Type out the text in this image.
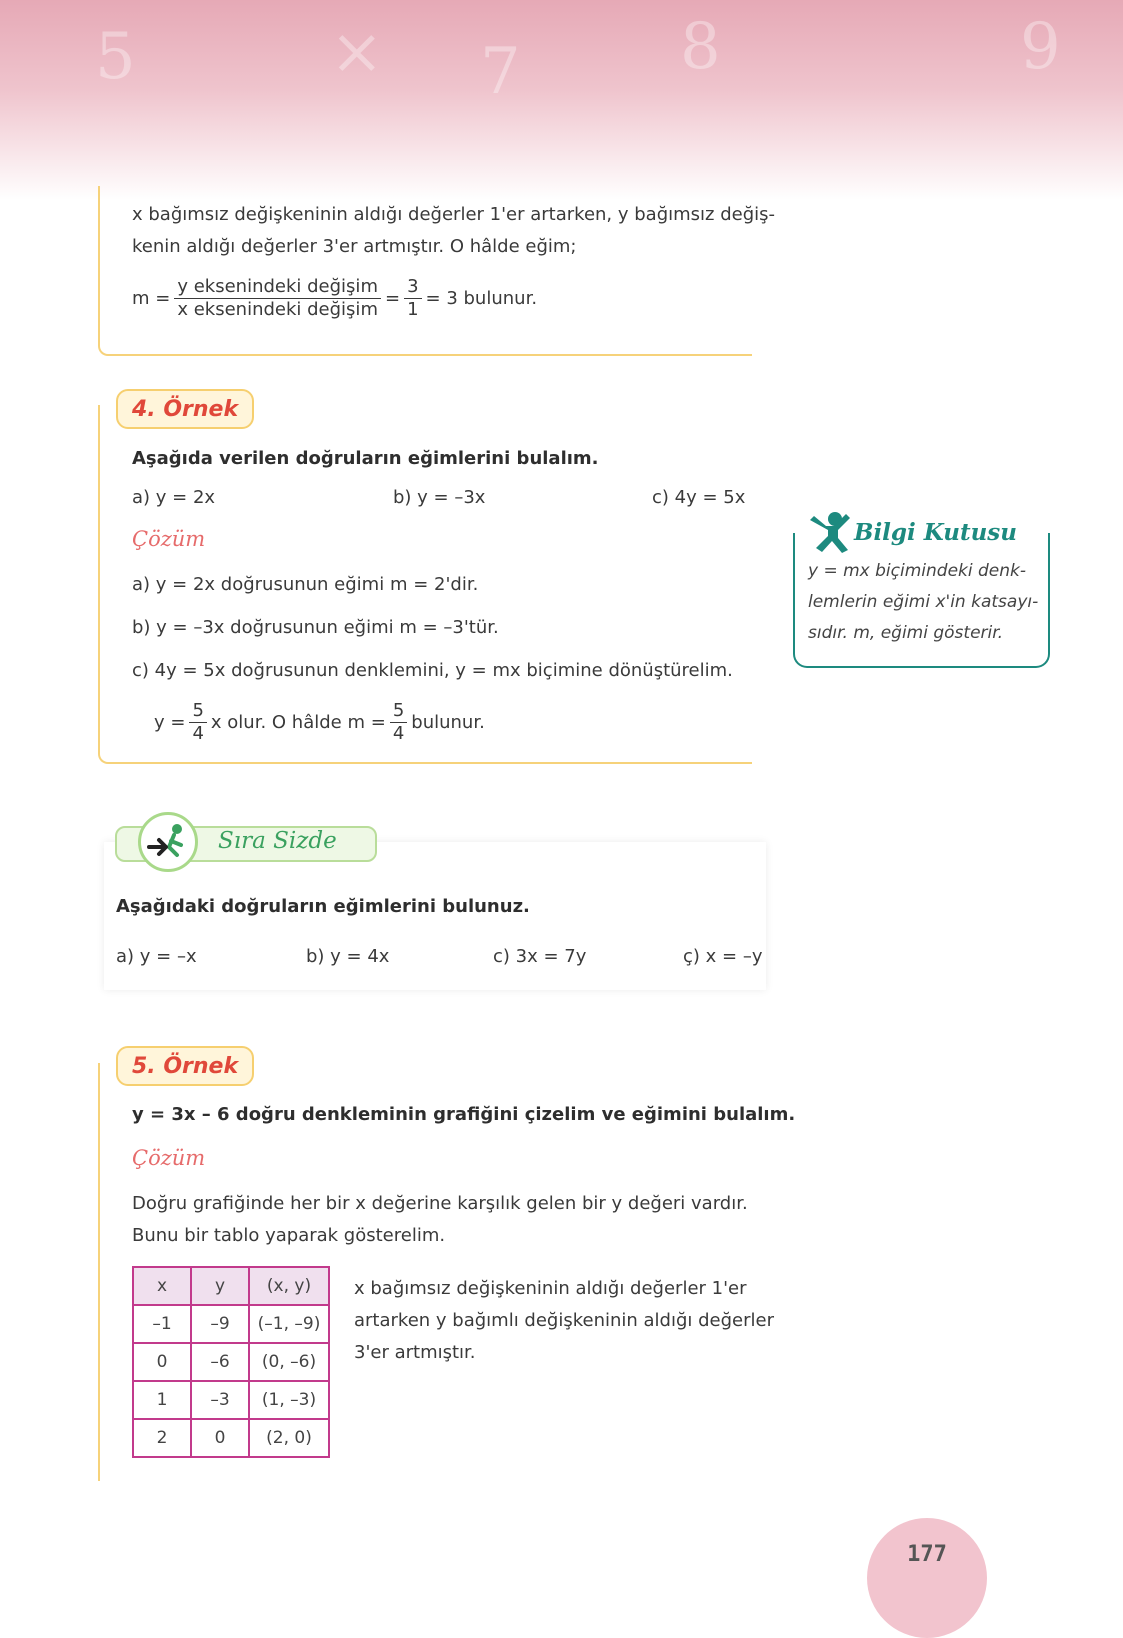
5	× 7 8	9
x bağımsız değişkeninin aldığı değerler 1'er artarken, y bağımsız değiş-
kenin aldığı değerler 3'er artmıştır. O hâlde eğim;
$m = \frac{\text{y eksenindeki değişim}}{\text{x eksenindeki değişim}} = \frac{3}{1} = 3$ bulunur.
4. Örnek
Aşağıda verilen doğruların eğimlerini bulalım.
a) y = 2x	b) y = –3x	c) 4y = 5x
Çözüm
a) y = 2x doğrusunun eğimi m = 2'dir.
b) y = –3x doğrusunun eğimi m = –3'tür.
c) 4y = 5x doğrusunun denklemini, y = mx biçimine dönüştürelim.
$y = \frac{5}{4}$ x olur. O hâlde $m = \frac{5}{4}$ bulunur.
Bilgi Kutusu
y = mx biçimindeki denk-
lemlerin eğimi x'in katsayı-
sıdır. m, eğimi gösterir.
Sıra Sizde
Aşağıdaki doğruların eğimlerini bulunuz.
a) y = –x	b) y = 4x	c) 3x = 7y	ç) x = –y
5. Örnek
y = 3x – 6 doğru denkleminin grafiğini çizelim ve eğimini bulalım.
Çözüm
Doğru grafiğinde her bir x değerine karşılık gelen bir y değeri vardır.
Bunu bir tablo yaparak gösterelim.
x	y	(x, y)
–1	–9	(–1, –9)
0	–6	(0, –6)
1	–3	(1, –3)
2	0	(2, 0)
x bağımsız değişkeninin aldığı değerler 1'er
artarken y bağımlı değişkeninin aldığı değerler
3'er artmıştır.
177
